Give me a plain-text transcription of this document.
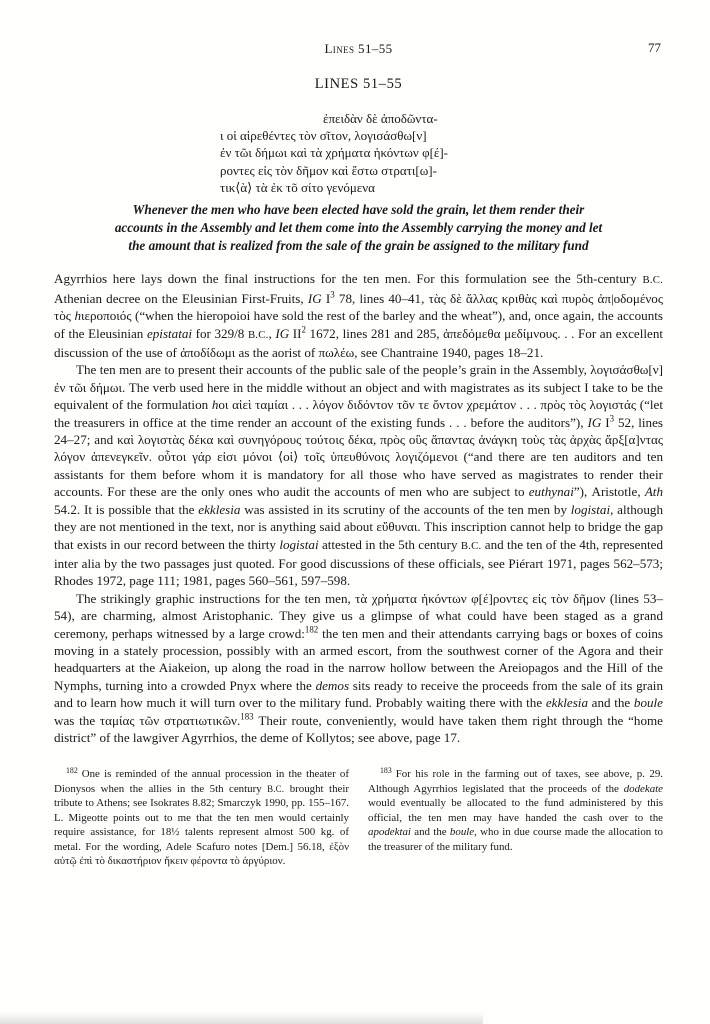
Lines 51–55	77
LINES 51–55
ἐπειδὰν δὲ ἀποδῶντα-
ι οἱ αἱρεθέντες τὸν σῖτον, λογισάσθω[ν]
ἐν τῶι δήμωι καὶ τὰ χρήματα ἡκόντων φ[έ]-
ροντες εἰς τὸν δῆμον καὶ ἔστω στρατι[ω]-
τικ⟨ὰ⟩ τὰ ἐκ τõ σίτο γενόμενα
Whenever the men who have been elected have sold the grain, let them render their
accounts in the Assembly and let them come into the Assembly carrying the money and let
the amount that is realized from the sale of the grain be assigned to the military fund

Agyrrhios here lays down the final instructions for the ten men. For this formulation see the 5th-century B.C. Athenian decree on the Eleusinian First-Fruits, IG $I^3$ 78, lines 40–41, τὰς δὲ ἄλλας κριθὰς καὶ πυρὸς ἀπ|οδομένος τὸς hιεροποιός (“when the hieropoioi have sold the rest of the barley and the wheat”), and, once again, the accounts of the Eleusinian epistatai for 329/8 B.C., IG $II^2$ 1672, lines 281 and 285, ἀπεδόμεθα μεδίμνους. . . For an excellent discussion of the use of ἀποδίδωμι as the aorist of πωλέω, see Chantraine 1940, pages 18–21.

The ten men are to present their accounts of the public sale of the people’s grain in the Assembly, λογισάσθω[ν] ἐν τῶι δήμωι. The verb used here in the middle without an object and with magistrates as its subject I take to be the equivalent of the formulation hοι αἰεὶ ταμίαι . . . λόγον διδόντον τõν τε ὄντον χρεμάτον . . . πρὸς τὸς λογιστάς (“let the treasurers in office at the time render an account of the existing funds . . . before the auditors”), IG $I^3$ 52, lines 24–27; and καὶ λογιστὰς δέκα καὶ συνηγόρους τούτοις δέκα, πρὸς οὓς ἅπαντας ἀνάγκη τοὺς τὰς ἀρχὰς ἄρξ[α]ντας λόγον ἀπενεγκεῖν. οὗτοι γάρ εἰσι μόνοι ⟨οἱ⟩ τοῖς ὑπευθύνοις λογιζόμενοι (“and there are ten auditors and ten assistants for them before whom it is mandatory for all those who have served as magistrates to render their accounts. For these are the only ones who audit the accounts of men who are subject to euthynai”), Aristotle, Ath 54.2. It is possible that the ekklesia was assisted in its scrutiny of the accounts of the ten men by logistai, although they are not mentioned in the text, nor is anything said about εὔθυναι. This inscription cannot help to bridge the gap that exists in our record between the thirty logistai attested in the 5th century B.C. and the ten of the 4th, represented inter alia by the two passages just quoted. For good discussions of these officials, see Piérart 1971, pages 562–573; Rhodes 1972, page 111; 1981, pages 560–561, 597–598.

The strikingly graphic instructions for the ten men, τὰ χρήματα ἡκόντων φ[έ]ροντες εἰς τὸν δῆμον (lines 53–54), are charming, almost Aristophanic. They give us a glimpse of what could have been staged as a grand ceremony, perhaps witnessed by a large crowd:$^{182}$ the ten men and their attendants carrying bags or boxes of coins moving in a stately procession, possibly with an armed escort, from the southwest corner of the Agora and their headquarters at the Aiakeion, up along the road in the narrow hollow between the Areiopagos and the Hill of the Nymphs, turning into a crowded Pnyx where the demos sits ready to receive the proceeds from the sale of its grain and to learn how much it will turn over to the military fund. Probably waiting there with the ekklesia and the boule was the ταμίας τῶν στρατιωτικῶν.$^{183}$ Their route, conveniently, would have taken them right through the “home district” of the lawgiver Agyrrhios, the deme of Kollytos; see above, page 17.

$^{182}$ One is reminded of the annual procession in the theater of Dionysos when the allies in the 5th century B.C. brought their tribute to Athens; see Isokrates 8.82; Smarczyk 1990, pp. 155–167. L. Migeotte points out to me that the ten men would certainly require assistance, for 18½ talents represent almost 500 kg. of metal. For the wording, Adele Scafuro notes [Dem.] 56.18, ἐξὸν αὐτῷ ἐπὶ τὸ δικαστήριον ἥκειν φέροντα τὸ ἀργύριον.

$^{183}$ For his role in the farming out of taxes, see above, p. 29. Although Agyrrhios legislated that the proceeds of the dodekate would eventually be allocated to the fund administered by this official, the ten men may have handed the cash over to the apodektai and the boule, who in due course made the allocation to the treasurer of the military fund.
